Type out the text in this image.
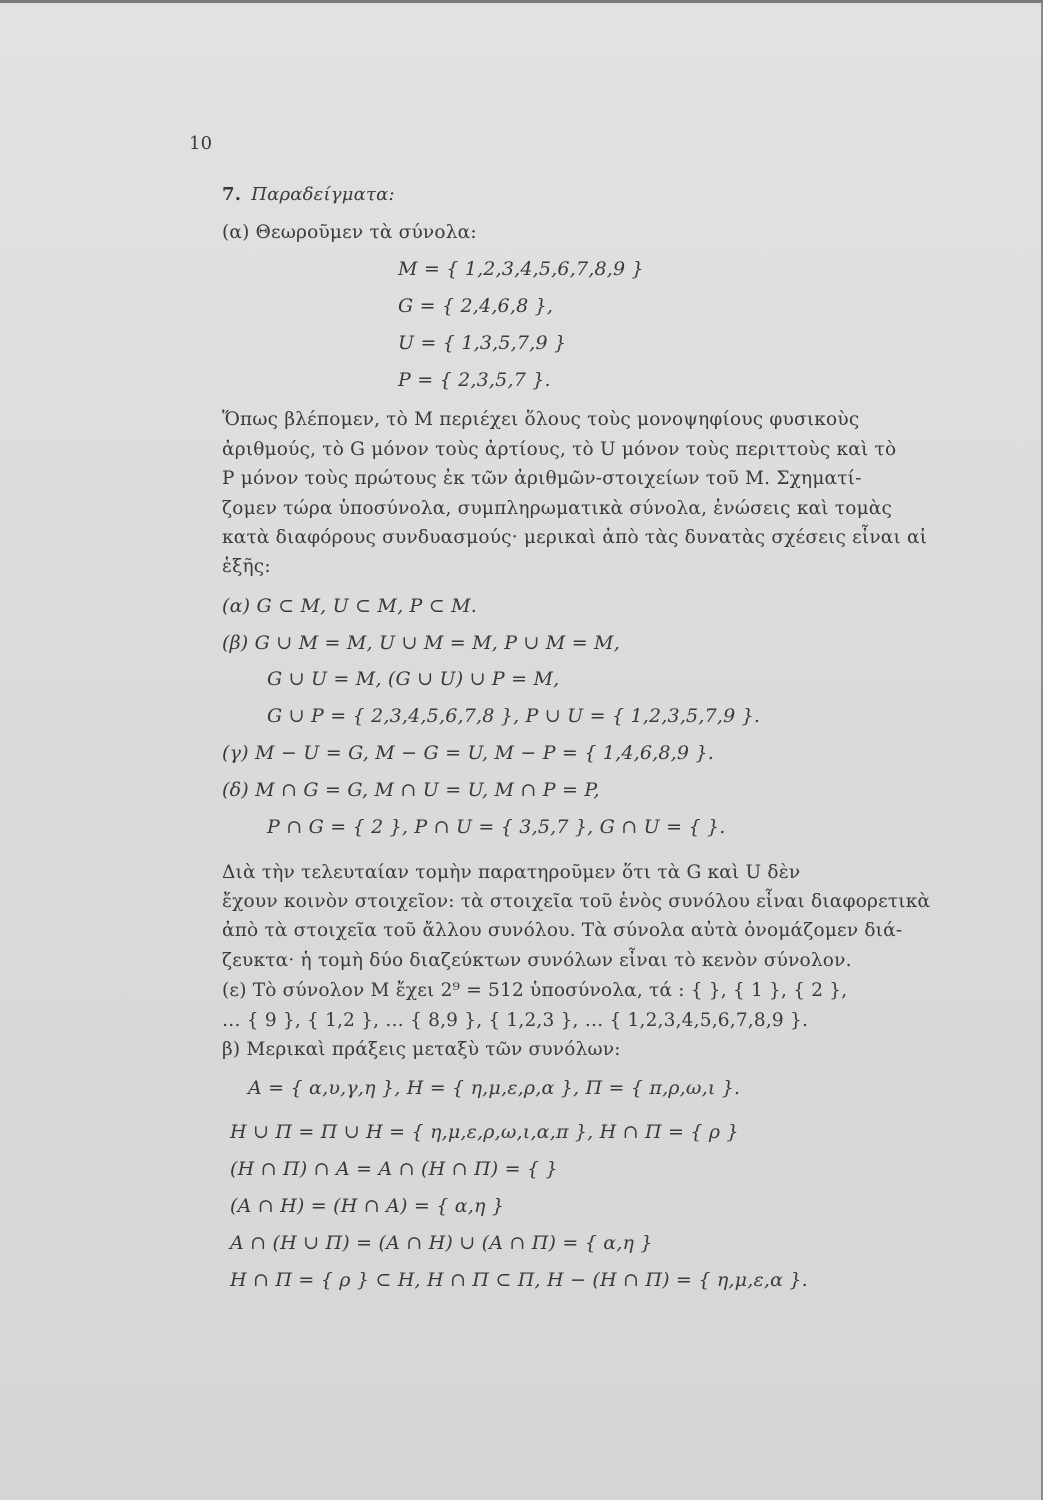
10
7. Παραδείγματα:
(α) Θεωροῦμεν τὰ σύνολα:
M = { 1,2,3,4,5,6,7,8,9 }
G = { 2,4,6,8 },
U = { 1,3,5,7,9 }
P = { 2,3,5,7 }.
Ὅπως βλέπομεν, τὸ M περιέχει ὅλους τοὺς μονοψηφίους φυσικοὺς
ἀριθμούς, τὸ G μόνον τοὺς ἀρτίους, τὸ U μόνον τοὺς περιττοὺς καὶ τὸ
P μόνον τοὺς πρώτους ἐκ τῶν ἀριθμῶν-στοιχείων τοῦ M. Σχηματί-
ζομεν τώρα ὑποσύνολα, συμπληρωματικὰ σύνολα, ἑνώσεις καὶ τομὰς
κατὰ διαφόρους συνδυασμούς· μερικαὶ ἀπὸ τὰς δυνατὰς σχέσεις εἶναι αἱ
ἑξῆς:
(α) G ⊂ M, U ⊂ M, P ⊂ M.
(β) G ∪ M = M, U ∪ M = M, P ∪ M = M,
G ∪ U = M, (G ∪ U) ∪ P = M,
G ∪ P = { 2,3,4,5,6,7,8 }, P ∪ U = { 1,2,3,5,7,9 }.
(γ) M − U = G, M − G = U, M − P = { 1,4,6,8,9 }.
(δ) M ∩ G = G, M ∩ U = U, M ∩ P = P,
P ∩ G = { 2 }, P ∩ U = { 3,5,7 }, G ∩ U = { }.
Διὰ τὴν τελευταίαν τομὴν παρατηροῦμεν ὅτι τὰ G καὶ U δὲν
ἔχουν κοινὸν στοιχεῖον: τὰ στοιχεῖα τοῦ ἑνὸς συνόλου εἶναι διαφορετικὰ
ἀπὸ τὰ στοιχεῖα τοῦ ἄλλου συνόλου. Τὰ σύνολα αὐτὰ ὀνομάζομεν διά-
ζευκτα· ἡ τομὴ δύο διαζεύκτων συνόλων εἶναι τὸ κενὸν σύνολον.
(ε) Τὸ σύνολον M ἔχει 2⁹ = 512 ὑποσύνολα, τά : { }, { 1 }, { 2 },
… { 9 }, { 1,2 }, … { 8,9 }, { 1,2,3 }, … { 1,2,3,4,5,6,7,8,9 }.
β) Μερικαὶ πράξεις μεταξὺ τῶν συνόλων:
A = { α,υ,γ,η }, H = { η,μ,ε,ρ,α }, Π = { π,ρ,ω,ι }.
H ∪ Π = Π ∪ H = { η,μ,ε,ρ,ω,ι,α,π }, H ∩ Π = { ρ }
(H ∩ Π) ∩ A = A ∩ (H ∩ Π) = { }
(A ∩ H) = (H ∩ A) = { α,η }
A ∩ (H ∪ Π) = (A ∩ H) ∪ (A ∩ Π) = { α,η }
H ∩ Π = { ρ } ⊂ H, H ∩ Π ⊂ Π, H − (H ∩ Π) = { η,μ,ε,α }.
